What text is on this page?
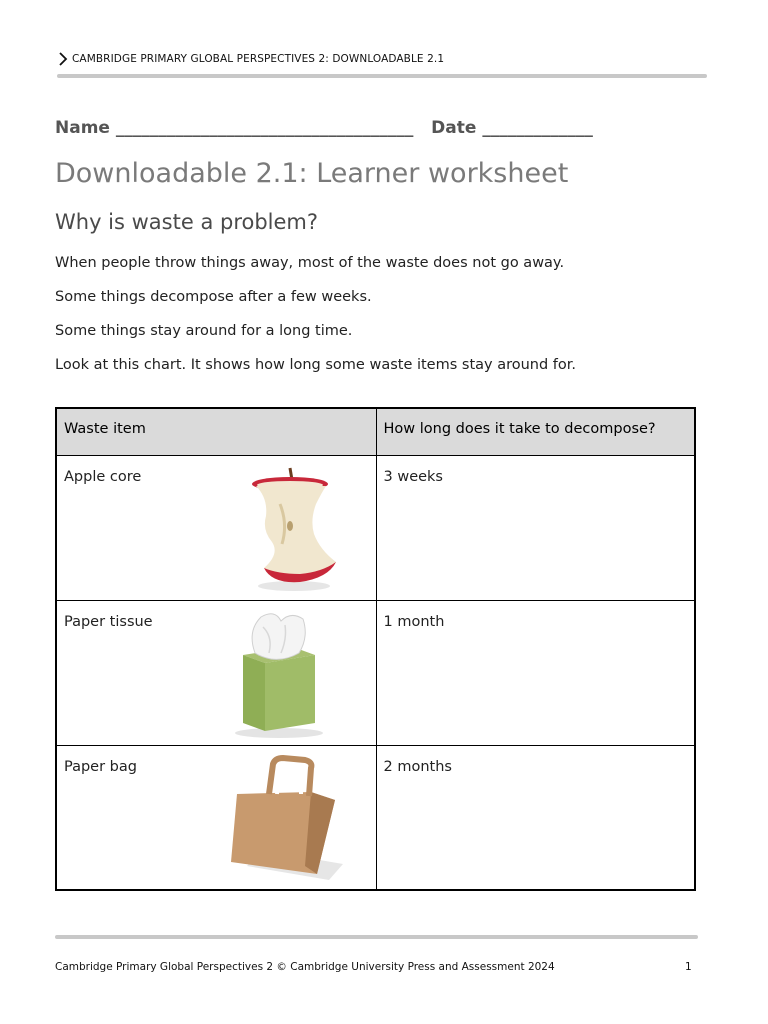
CAMBRIDGE PRIMARY GLOBAL PERSPECTIVES 2: DOWNLOADABLE 2.1
Name ___________________________________ Date _____________
Downloadable 2.1: Learner worksheet
Why is waste a problem?
When people throw things away, most of the waste does not go away.
Some things decompose after a few weeks.
Some things stay around for a long time.
Look at this chart. It shows how long some waste items stay around for.
Waste item	How long does it take to decompose?
Apple core	3 weeks
Paper tissue	1 month
Paper bag	2 months
Cambridge Primary Global Perspectives 2 © Cambridge University Press and Assessment 2024	1
